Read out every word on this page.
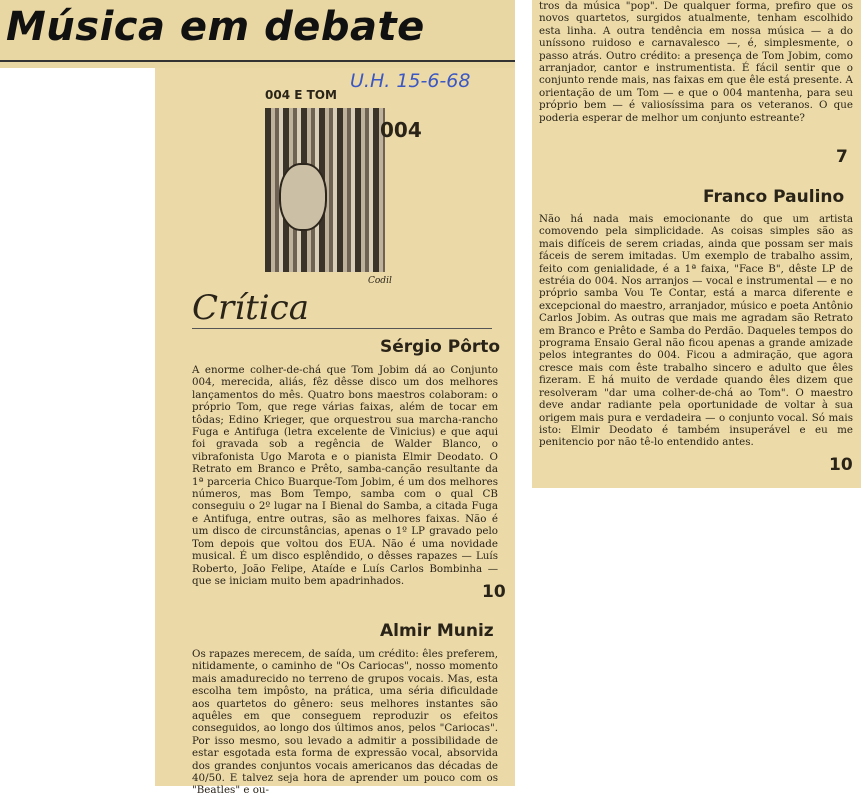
Música em debate
U.H. 15-6-68
004 E TOM
004
Codil
Crítica
Sérgio Pôrto
A enorme colher-de-chá que Tom Jobim dá ao Conjunto 004, merecida, aliás, fêz dêsse disco um dos melhores lançamentos do mês. Quatro bons maestros colaboram: o próprio Tom, que rege várias faixas, além de tocar em tôdas; Edino Krieger, que orquestrou sua marcha-rancho Fuga e Antifuga (letra excelente de Vinicius) e que aqui foi gravada sob a regência de Walder Blanco, o vibrafonista Ugo Marota e o pianista Elmir Deodato. O Retrato em Branco e Prêto, samba-canção resultante da 1ª parceria Chico Buarque-Tom Jobim, é um dos melhores números, mas Bom Tempo, samba com o qual CB conseguiu o 2º lugar na I Bienal do Samba, a citada Fuga e Antifuga, entre outras, são as melhores faixas. Não é um disco de circunstâncias, apenas o 1º LP gravado pelo Tom depois que voltou dos EUA. Não é uma novidade musical. É um disco esplêndido, o dêsses rapazes — Luís Roberto, João Felipe, Ataíde e Luís Carlos Bombinha — que se iniciam muito bem apadrinhados.
10
Almir Muniz
Os rapazes merecem, de saída, um crédito: êles preferem, nitidamente, o caminho de "Os Cariocas", nosso momento mais amadurecido no terreno de grupos vocais. Mas, esta escolha tem impôsto, na prática, uma séria dificuldade aos quartetos do gênero: seus melhores instantes são aquêles em que conseguem reproduzir os efeitos conseguidos, ao longo dos últimos anos, pelos "Cariocas". Por isso mesmo, sou levado a admitir a possibilidade de estar esgotada esta forma de expressão vocal, absorvida dos grandes conjuntos vocais americanos das décadas de 40/50. E talvez seja hora de aprender um pouco com os "Beatles" e ou-
tros da música "pop". De qualquer forma, prefiro que os novos quartetos, surgidos atualmente, tenham escolhido esta linha. A outra tendência em nossa música — a do uníssono ruidoso e carnavalesco —, é, simplesmente, o passo atrás. Outro crédito: a presença de Tom Jobim, como arranjador, cantor e instrumentista. É fácil sentir que o conjunto rende mais, nas faixas em que êle está presente. A orientação de um Tom — e que o 004 mantenha, para seu próprio bem — é valiosíssima para os veteranos. O que poderia esperar de melhor um conjunto estreante?
7
Franco Paulino
Não há nada mais emocionante do que um artista comovendo pela simplicidade. As coisas simples são as mais difíceis de serem criadas, ainda que possam ser mais fáceis de serem imitadas. Um exemplo de trabalho assim, feito com genialidade, é a 1ª faixa, "Face B", dêste LP de estréia do 004. Nos arranjos — vocal e instrumental — e no próprio samba Vou Te Contar, está a marca diferente e excepcional do maestro, arranjador, músico e poeta Antônio Carlos Jobim. As outras que mais me agradam são Retrato em Branco e Prêto e Samba do Perdão. Daqueles tempos do programa Ensaio Geral não ficou apenas a grande amizade pelos integrantes do 004. Ficou a admiração, que agora cresce mais com êste trabalho sincero e adulto que êles fizeram. E há muito de verdade quando êles dizem que resolveram "dar uma colher-de-chá ao Tom". O maestro deve andar radiante pela oportunidade de voltar à sua origem mais pura e verdadeira — o conjunto vocal. Só mais isto: Elmir Deodato é também insuperável e eu me penitencio por não tê-lo entendido antes.
10
